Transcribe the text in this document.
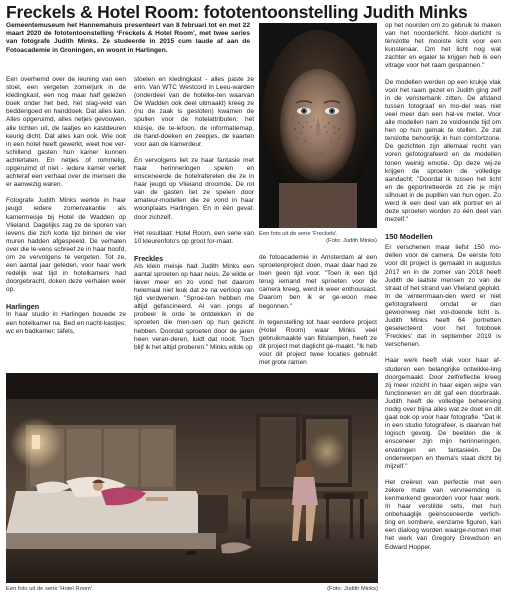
Freckels & Hotel Room: fototentoonstelling Judith Minks
Gemeentemuseum het Hannemahuis presenteert van 8 februari tot en met 22 maart 2020 de fototentoonstelling ‘Freckels & Hotel Room’, met twee series van fotografe Judith Minks. Ze studeerde in 2015 cum laude af aan de Fotoacademie in Groningen, en woont in Harlingen.

Een overhemd over de leuning van een stoel, een vergeten zomerjurk in de kledingkast, een nog maar half gelezen boek onder het bed, het slag-veld van beddengoed en handdoek. Dat alles kan. Alles opgeruimd, alles netjes gevouwen, alle lichten uit, de laatjes en kastdeuren keurig dicht. Dat alles kan ook. Wie ooit in een hotel heeft gewerkt, weet hoe ver-schillend gasten hun kamer kunnen achterlaten. En netjes of rommelig, opgeruimd of niet - iedere kamer vertelt achteraf een verhaal over de mensen die er aanwezig waren.

Fotografe Judith Minks werkte in haar jeugd iedere zomervakantie als kamermeisje bij Hotel de Wadden op Vlieland. Dagelijks zag ze de sporen van levens die zich korte tijd binnen de vier muren hadden afgespeeld. De verhalen over die le-vens schreef ze in haar hoofd, om ze vervolgens te vergeten. Tot ze, een aantal jaar geleden, voor haar werk redelijk wat tijd in hotelkamers had doorgebracht, doken deze verhalen weer op.

Harlingen

In haar studio in Harlingen bouwde ze een hotelkamer na. Bed en nacht-kastjes; wc en badkamer; tafels,

stoelen en kledingkast - alles paste ze erin. Van WTC Westcord in Leeu-warden (onderdeel van de hotelke-ten waarvan De Wadden ook deel uitmaakt) kreeg ze (nu de zaak is gesloten) kwamen de spullen voor de hotelattributen: het kluisje, de te-lefoon, de informatiemap, de hand-doeken en zeepjes, de kaarten voor aan de kamerdeur.

En vervolgens liet ze haar fantasie met haar herinneringen spelen en ensceneerde de hotelraferelen die ze in haar jeugd op Vlieland droomde. De rol van de gasten liet ze spelen door amateur-modellen die ze vond in haar woonplaats Harlingen. En in één geval: door zichzelf.

Het resultaat: Hotel Room, een serie van 10 kleurenfoto's op groot for-maat.

Freckles

Als klein meisje had Judith Minks een aantal sproeten op haar neus. Ze wilde er liever meer en zo vond het daarom helemaal niet leuk dat ze na verloop van tijd verdwenen. "Sproe-ten hebben me altijd gefascineerd. Al van jongs af probeer ik orde te ontdekken in de sproeten die men-sen op hun gezicht hebben. Doordat sproeten door de jaren heen veran-deren, luidt dat nooit. Toch blijf ik het altijd proberen." Minks wilde op

Een foto uit de serie 'Freckels'.
(Foto: Judith Minks)

de fotoacademie in Amsterdam al een sproetenproject doen, maar daar had ze toen geen tijd voor. "Toen ik een tijd terug iemand met sproeten voor de camera kreeg, werd ik weer enthousiast. Daarom ben ik er ge-woon mee begonnen."

In tegenstelling tot haar eerdere project (Hotel Room) waar Minks veel gebruikmaakte van flitslampen, heeft ze dit project met daglicht ge-maakt. "Ik heb voor dit project twee locaties gebruikt met grote ramen

op het noorden om zo gebruik te maken van het noorderlicht. Noor-derlicht is tenslotte het mooiste licht voor een kunstenaar. Om het licht nog wat zachter en egaler te krijgen heb ik een vitrage voor het raam gespannen."

De modellen werden op een krukje vlak voor het raam gezet en Judith ging zelf in de vensterbank zitten. De afstand tussen fotograaf en mo-del was niet veel meer dan een hal-ve meter. Voor alle modellen nam ze voldoende tijd om hen op hun gemak te stellen. Ze zat tenslotte behoorlijk in hun comfortzone. De gezichten zijn allemaal recht van voren gefotografeerd en de modellen tonen weinig emotie. Op deze wij-ze krijgen de sproeten de volledige aandacht: "Doordat ik tussen het licht en de geportretteerde zit zie je mijn silhouet in de pupillen van hun ogen. Zo werd ik een deel van elk portret en al deze sproeten worden zo één deel van mezelf."

150 Modellen

Er verschenen maar liefst 150 mo-dellen voor de camera. De eerste foto voor dit project is gemaakt in augustus 2017 en in de zomer van 2018 heeft Judith de laatste mensen zo van de straat of het strand van Vlieland geplukt. In de winterrmaan-den werd er niet gefotografeerd omdat er dan gewoonweg niet vol-doende licht is. Judith Minks heeft 64 portretten geselecteerd voor het fotoboek 'Freckles' dat in september 2019 is verschenen.

Haar werk heeft vlak voor haar af-studeren een belangrijke ontwikke-ling doorgemaakt. Door zelfreflectie kreeg zij meer inzicht in haar eigen wijze van functioneren en dit gaf een doorbraak. Judith heeft de volledige beheersing nodig over bijna alles wat ze doet en dit gaat ook op voor haar fotografie. "Dat ik in een studio fotografeer, is daarvan het logisch gevolg. De beelden die ik ensceneer zijn mijn herinneringen, ervaringen en fantasieën. De onderwerpen en thema's staat dicht bij mijzelf."

Het creëren van perfectie met een zekere mate van vervreemding is kenmerkend geworden voor haar werk. In haar verstilde sets, met hun onbehaaglijk geënsceneerde verlich-ting en sombere, eenzame figuren, kan een dialoog worden waarge-nomen met het werk van Gregory Grewdson en Edward Hopper.

Een foto uit de serie 'Hotel Room'.	(Foto: Judith Minks)
